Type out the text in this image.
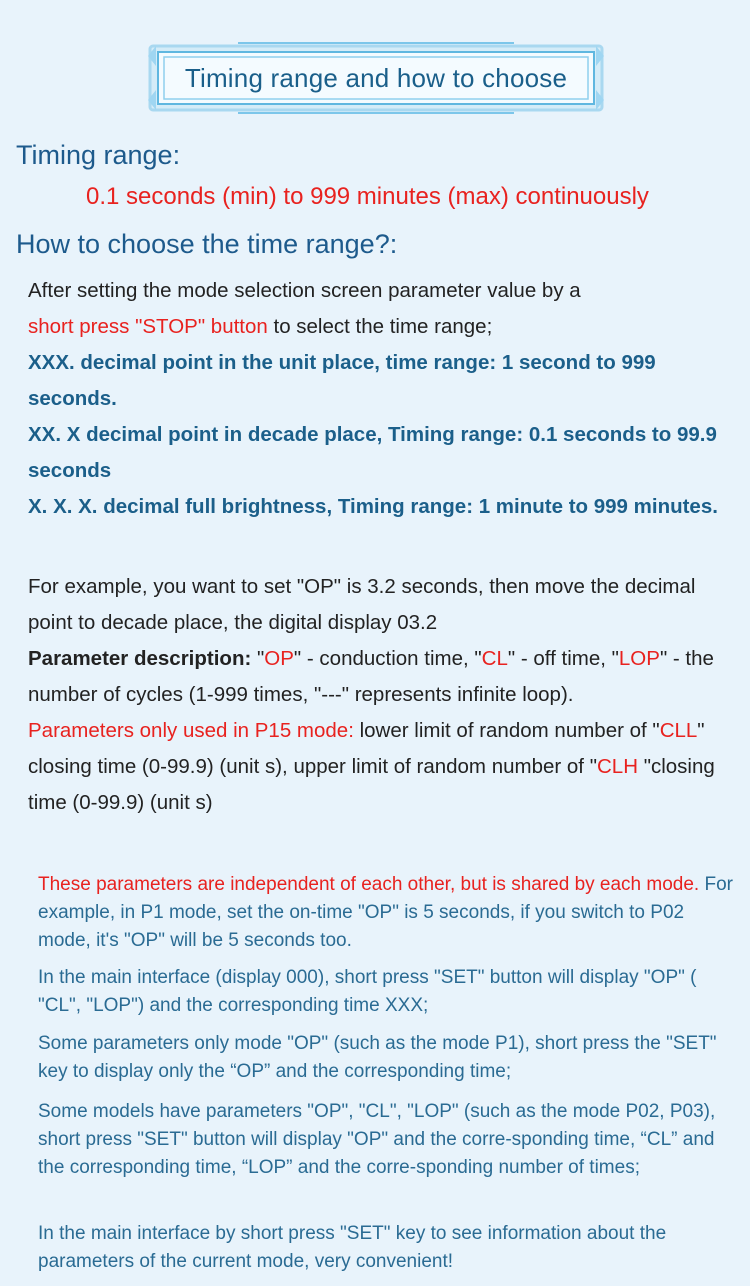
Timing range and how to choose
Timing range:
0.1 seconds (min) to 999 minutes (max) continuously
How to choose the time range?:
After setting the mode selection screen parameter value by a
short press "STOP" button to select the time range;
XXX. decimal point in the unit place, time range: 1 second to 999 seconds.
XX. X decimal point in decade place, Timing range: 0.1 seconds to 99.9 seconds
X. X. X. decimal full brightness, Timing range: 1 minute to 999 minutes.
For example, you want to set "OP" is 3.2 seconds, then move the decimal point to decade place, the digital display 03.2
Parameter description: "OP" - conduction time, "CL" - off time, "LOP" - the number of cycles (1-999 times, "---" represents infinite loop).
Parameters only used in P15 mode: lower limit of random number of "CLL" closing time (0-99.9) (unit s), upper limit of random number of "CLH "closing time (0-99.9) (unit s)
These parameters are independent of each other, but is shared by each mode. For example, in P1 mode, set the on-time "OP" is 5 seconds, if you switch to P02 mode, it's "OP" will be 5 seconds too.
In the main interface (display 000), short press "SET" button will display "OP" ( "CL", "LOP") and the corresponding time XXX;
Some parameters only mode "OP" (such as the mode P1), short press the "SET" key to display only the “OP” and the corresponding time;
Some models have parameters "OP", "CL", "LOP" (such as the mode P02, P03), short press "SET" button will display "OP" and the corre-sponding time, “CL” and the corresponding time, “LOP” and the corre-sponding number of times;
In the main interface by short press "SET" key to see information about the parameters of the current mode, very convenient!
